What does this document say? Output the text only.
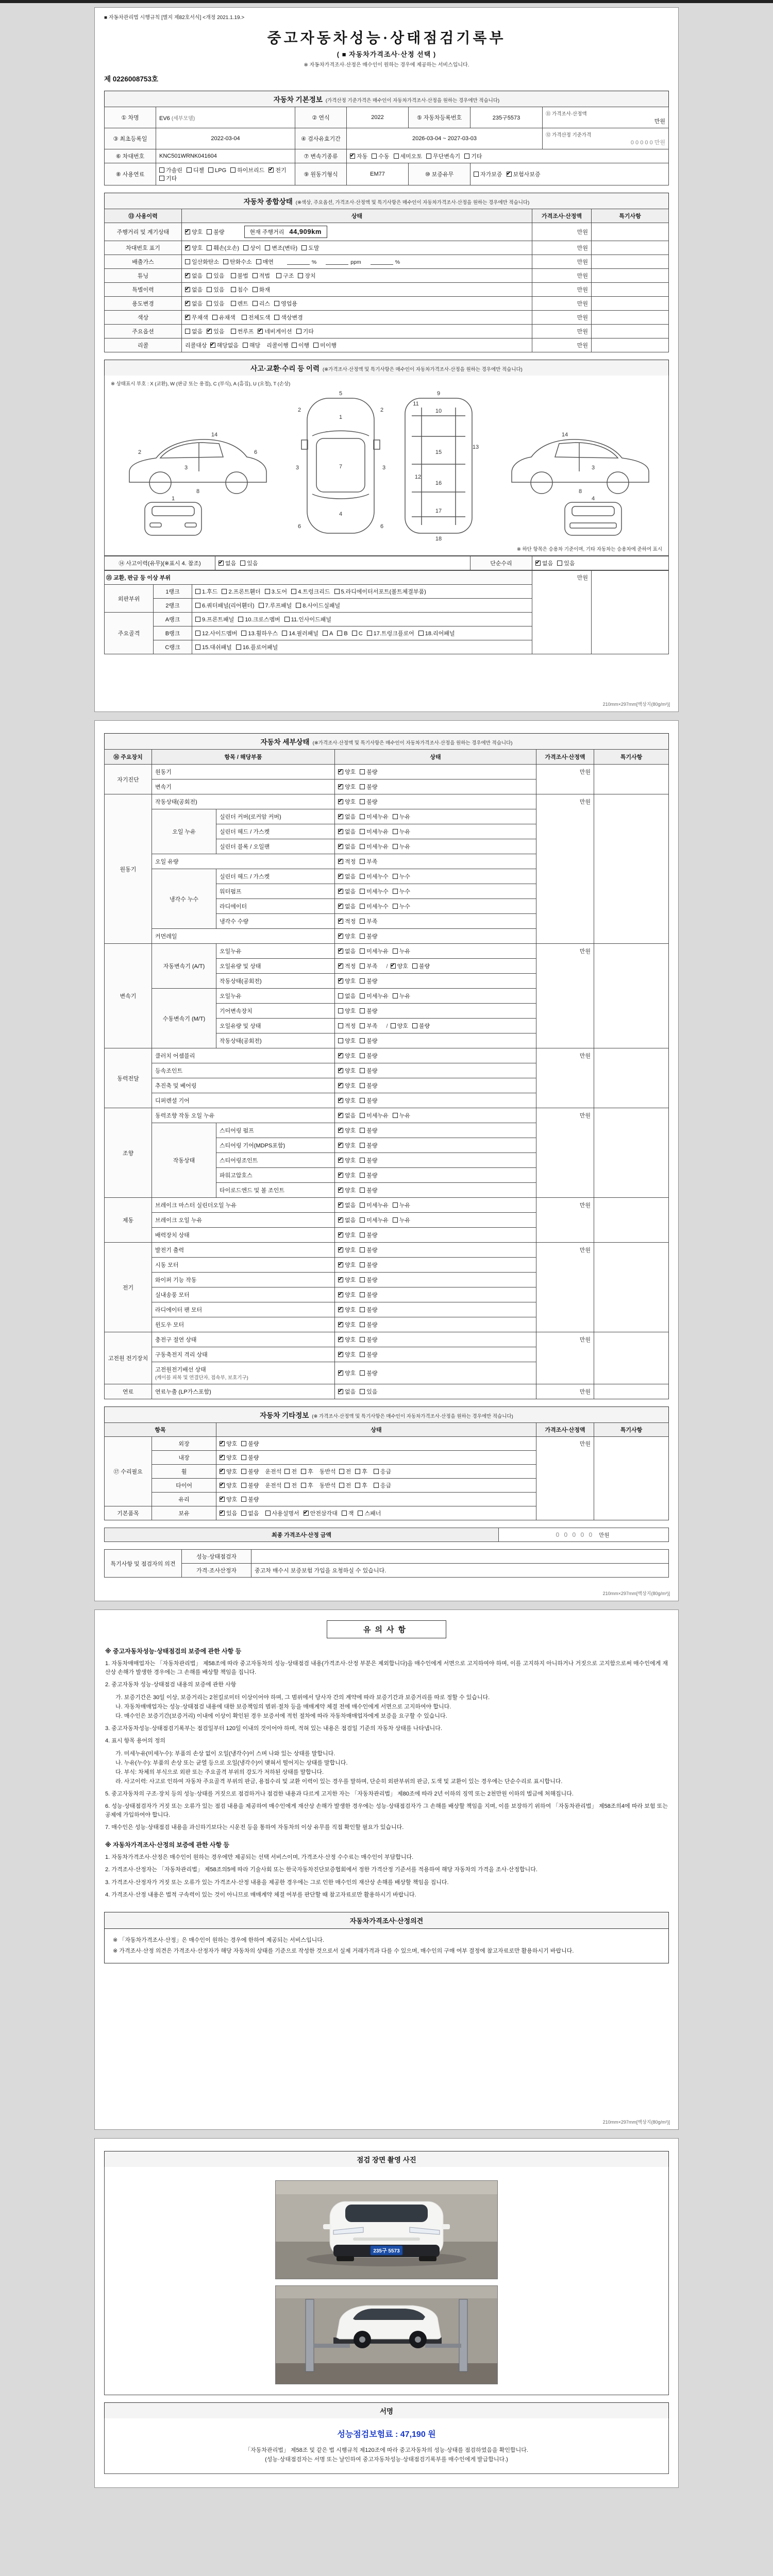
■ 자동차관리법 시행규칙 [별지 제82호서식] <개정 2021.1.19.>
중고자동차성능·상태점검기록부
( ■ 자동차가격조사·산정 선택 )
※ 자동차가격조사·산정은 매수인이 원하는 경우에 제공하는 서비스입니다.
제 0226008753호
자동차 기본정보 (가격산정 기준가격은 매수인이 자동차가격조사·산정을 원하는 경우에만 적습니다)
① 차명	EV6 (세부모델)	② 연식	2022	⑤ 자동차등록번호	235구5573	⑪ 가격조사·산정액
만원

③ 최초등록일	2022-03-04	④ 검사유효기간	2026-03-04 ~ 2027-03-03			⑫ 가격산정 기준가격
0 0 0 0 0 만원

⑥ 차대번호	KNC501WRNK041604	⑦ 변속기종류	✔자동 수동 세미오토 무단변속기 기타
⑧ 사용연료	가솔린 디젤 LPG 하이브리드 ✔ 전기기타	⑨ 원동기형식	EM77	⑩ 보증유무	자가보증 ✔ 보험사보증
자동차 종합상태 (※색상, 주요옵션, 가격조사·산정액 및 특기사항은 매수인이 자동차가격조사·산정을 원하는 경우에만 적습니다)
⑬ 사용이력	상태	가격조사·산정액	특기사항
주행거리 및 계기상태	✔양호 불량 현재 주행거리 44,909km	만원	
차대번호 표기	✔양호 훼손(오손) 상이 변조(변타) 도말	만원	
배출가스	일산화탄소 탄화수소 매연 % ppm %	만원	
튜닝	✔없음 있음 불법 적법 구조 장치	만원	
특별이력	✔없음 있음 침수 화재	만원	
용도변경	✔없음 있음 렌트 리스 영업용	만원	
색상	✔무채색 유채색 전체도색 색상변경	만원	
주요옵션	없음 ✔ 있음 썬루프 ✔ 네비게이션 기타	만원	
리콜	리콜대상 ✔ 해당없음 해당 리콜이행 이행 미이행	만원	
사고·교환·수리 등 이력 (※가격조사·산정액 및 특기사항은 매수인이 자동차가격조사·산정을 원하는 경우에만 적습니다)
※ 상태표시 부호 : X (교환), W (판금 또는 용접), C (부식), A (흠집), U (요철), T (손상)
3
8
14
2	6
1
5
1
7
4
2	2
3	3
6	6
9
10
11
12
13
15
16
17
18
3
8
14
4
※ 하단 항목은 승용차 기준이며, 기타 자동차는 승용차에 준하여 표시
⑭ 사고이력(유무)(※표시 4. 참조)	✔없음 있음	단순수리	✔없음 있음
⑮ 교환, 판금 등 이상 부위			만원	
외판부위	1랭크	1.후드 2.프론트휀더 3.도어 4.트렁크리드 5.라디에이터서포트(볼트체결부품)		
	2랭크	6.쿼터패널(리어휀더) 7.루프패널 8.사이드실패널		
주요골격	A랭크	9.프론트패널 10.크로스멤버 11.인사이드패널		
	B랭크	12.사이드멤버 13.휠하우스 14.필러패널 A B C 17.트렁크플로어 18.리어패널		
	C랭크	15.대쉬패널 16.플로어패널		
210mm×297mm[백상지(80g/m²)]
자동차 세부상태 (※가격조사·산정액 및 특기사항은 매수인이 자동차가격조사·산정을 원하는 경우에만 적습니다)
⑯ 주요장치	항목 / 해당부품		상태	가격조사·산정액	특기사항
자기진단	원동기	✔양호 불량	만원	
	변속기	✔양호 불량
원동기	작동상태(공회전)	✔양호 불량	만원	
	오일 누유	실린더 커버(로커암 커버)	✔없음 미세누유 누유
		실린더 헤드 / 가스켓	✔없음 미세누유 누유
		실린더 블록 / 오일팬	✔없음 미세누유 누유
	오일 유량	✔적정 부족
	냉각수 누수	실린더 헤드 / 가스켓	✔없음 미세누수 누수
		워터펌프	✔없음 미세누수 누수
		라디에이터	✔없음 미세누수 누수
		냉각수 수량	✔적정 부족
	커먼레일	✔양호 불량
변속기	자동변속기 (A/T)	오일누유	✔없음 미세누유 누유	만원	
		오일유량 및 상태	✔적정 부족 / ✔ 양호 불량
		작동상태(공회전)	✔양호 불량
	수동변속기 (M/T)	오일누유	없음 미세누유 누유		
		기어변속장치	양호 불량		
		오일유량 및 상태	적정 부족 / 양호 불량		
		작동상태(공회전)	양호 불량		
동력전달	클러치 어셈블리	✔양호 불량	만원	
	등속조인트	✔양호 불량
	추진축 및 베어링	✔양호 불량
	디퍼렌셜 기어	✔양호 불량
조향	동력조향 작동 오일 누유	✔없음 미세누유 누유	만원	
	작동상태	스티어링 펌프	✔양호 불량
		스티어링 기어(MDPS포함)	✔양호 불량
		스티어링조인트	✔양호 불량
		파워고압호스	✔양호 불량
		타이로드엔드 및 볼 조인트	✔양호 불량
제동	브레이크 마스터 실린더오일 누유	✔없음 미세누유 누유	만원	
	브레이크 오일 누유	✔없음 미세누유 누유
	배력장치 상태	✔양호 불량
전기	발전기 출력	✔양호 불량	만원	
	시동 모터	✔양호 불량
	와이퍼 기능 작동	✔양호 불량
	실내송풍 모터	✔양호 불량
	라디에이터 팬 모터	✔양호 불량
	윈도우 모터	✔양호 불량
고전원 전기장치	충전구 절연 상태	✔양호 불량	만원	
	구동축전지 격리 상태	✔양호 불량

	고전원전기배선 상태
(케이블 피복 및 연결단자, 접속부, 보호기구)
	✔양호 불량
연료	연료누출 (LP가스포함)	✔없음 있음	만원	
자동차 기타정보 (※ 가격조사·산정액 및 특기사항은 매수인이 자동차가격조사·산정을 원하는 경우에만 적습니다)
항목		상태	가격조사·산정액	특기사항
⑰ 수리필요	외장	✔양호 불량	만원	
	내장	✔양호 불량
	휠	✔양호 불량 운전석 전 후 동반석 전 후 응급
	타이어	✔양호 불량 운전석 전 후 동반석 전 후 응급
	유리	✔양호 불량
기본품목	보유	✔있음 없음 사용설명서 ✔ 안전삼각대 잭 스패너
최종 가격조사·산정 금액	0 0 0 0 0 만원
특기사항 및 점검자의 의견	성능·상태점검자	
	가격·조사산정자	중고차 매수시 보증보험 가입을 요청하실 수 있습니다.
210mm×297mm[백상지(80g/m²)]
유의사항
※ 중고자동차성능·상태점검의 보증에 관한 사항 등
1. 자동차매매업자는 「자동차관리법」 제58조에 따라 중고자동차의 성능·상태점검 내용(가격조사·산정 부분은 제외합니다)을 매수인에게 서면으로 고지하여야 하며, 이를 고지하지 아니하거나 거짓으로 고지함으로써 매수인에게 재산상 손해가 발생한 경우에는 그 손해를 배상할 책임을 집니다.
2. 중고자동차 성능·상태점검 내용의 보증에 관한 사항
가. 보증기간은 30일 이상, 보증거리는 2천킬로미터 이상이어야 하며, 그 범위에서 당사자 간의 계약에 따라 보증기간과 보증거리를 따로 정할 수 있습니다.
나. 자동차매매업자는 성능·상태점검 내용에 대한 보증책임의 범위·절차 등을 매매계약 체결 전에 매수인에게 서면으로 고지하여야 합니다.
다. 매수인은 보증기간(보증거리) 이내에 이상이 확인된 경우 보증서에 적힌 절차에 따라 자동차매매업자에게 보증을 요구할 수 있습니다.
3. 중고자동차성능·상태점검기록부는 점검일부터 120일 이내의 것이어야 하며, 적혀 있는 내용은 점검일 기준의 자동차 상태를 나타냅니다.
4. 표시 항목 용어의 정의
가. 미세누유(미세누수): 부품의 손상 없이 오일(냉각수)이 스며 나와 있는 상태를 말합니다.
나. 누유(누수): 부품의 손상 또는 균열 등으로 오일(냉각수)이 맺혀서 떨어지는 상태를 말합니다.
다. 부식: 차체의 부식으로 외판 또는 주요골격 부위의 강도가 저하된 상태를 말합니다.
라. 사고이력: 사고로 인하여 자동차 주요골격 부위의 판금, 용접수리 및 교환 이력이 있는 경우를 말하며, 단순히 외판부위의 판금, 도색 및 교환이 있는 경우에는 단순수리로 표시합니다.
5. 중고자동차의 구조·장치 등의 성능·상태를 거짓으로 점검하거나 점검한 내용과 다르게 고지한 자는 「자동차관리법」 제80조에 따라 2년 이하의 징역 또는 2천만원 이하의 벌금에 처해집니다.
6. 성능·상태점검자가 거짓 또는 오류가 있는 점검 내용을 제공하여 매수인에게 재산상 손해가 발생한 경우에는 성능·상태점검자가 그 손해를 배상할 책임을 지며, 이를 보장하기 위하여 「자동차관리법」 제58조의4에 따라 보험 또는 공제에 가입하여야 합니다.
7. 매수인은 성능·상태점검 내용을 과신하기보다는 시운전 등을 통하여 자동차의 이상 유무를 직접 확인할 필요가 있습니다.
※ 자동차가격조사·산정의 보증에 관한 사항 등
1. 자동차가격조사·산정은 매수인이 원하는 경우에만 제공되는 선택 서비스이며, 가격조사·산정 수수료는 매수인이 부담합니다.
2. 가격조사·산정자는 「자동차관리법」 제58조의5에 따라 기술사회 또는 한국자동차진단보증협회에서 정한 가격산정 기준서를 적용하여 해당 자동차의 가격을 조사·산정합니다.
3. 가격조사·산정자가 거짓 또는 오류가 있는 가격조사·산정 내용을 제공한 경우에는 그로 인한 매수인의 재산상 손해를 배상할 책임을 집니다.
4. 가격조사·산정 내용은 법적 구속력이 있는 것이 아니므로 매매계약 체결 여부를 판단할 때 참고자료로만 활용하시기 바랍니다.
자동차가격조사·산정의견
※ 「자동차가격조사·산정」은 매수인이 원하는 경우에 한하여 제공되는 서비스입니다.
※ 가격조사·산정 의견은 가격조사·산정자가 해당 자동차의 상태를 기준으로 작성한 것으로서 실제 거래가격과 다를 수 있으며, 매수인의 구매 여부 결정에 참고자료로만 활용하시기 바랍니다.
210mm×297mm[백상지(80g/m²)]
점검 장면 촬영 사진
235구 5573
서명
성능점검보험료 : 47,190 원
「자동차관리법」 제58조 및 같은 법 시행규칙 제120조에 따라 중고자동차의 성능·상태를 점검하였음을 확인합니다.
(성능·상태점검자는 서명 또는 날인하여 중고자동차성능·상태점검기록부를 매수인에게 발급합니다.)
